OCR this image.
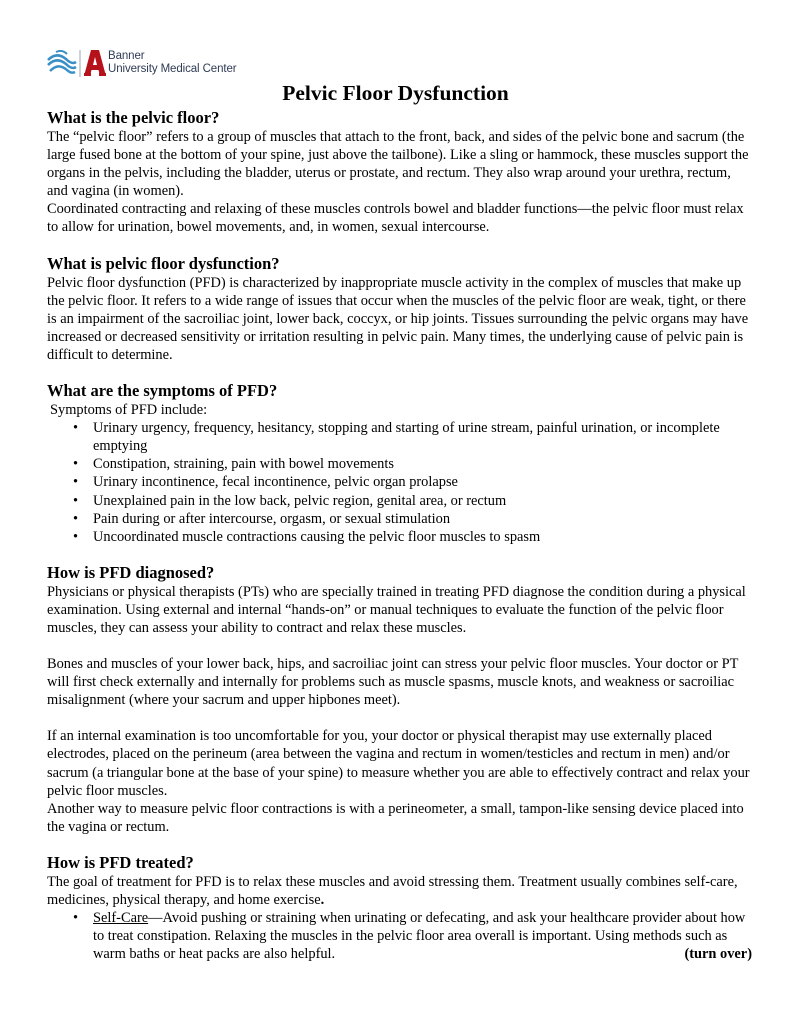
Banner
University Medical Center
Pelvic Floor Dysfunction
What is the pelvic floor?

The “pelvic floor” refers to a group of muscles that attach to the front, back, and sides of the pelvic bone and sacrum (the large fused bone at the bottom of your spine, just above the tailbone). Like a sling or hammock, these muscles support the organs in the pelvis, including the bladder, uterus or prostate, and rectum. They also wrap around your urethra, rectum, and vagina (in women).

Coordinated contracting and relaxing of these muscles controls bowel and bladder functions—the pelvic floor must relax to allow for urination, bowel movements, and, in women, sexual intercourse.

What is pelvic floor dysfunction?

Pelvic floor dysfunction (PFD) is characterized by inappropriate muscle activity in the complex of muscles that make up the pelvic floor. It refers to a wide range of issues that occur when the muscles of the pelvic floor are weak, tight, or there is an impairment of the sacroiliac joint, lower back, coccyx, or hip joints. Tissues surrounding the pelvic organs may have increased or decreased sensitivity or irritation resulting in pelvic pain. Many times, the underlying cause of pelvic pain is difficult to determine.

What are the symptoms of PFD?

Symptoms of PFD include:

• Urinary urgency, frequency, hesitancy, stopping and starting of urine stream, painful urination, or incomplete emptying
• Constipation, straining, pain with bowel movements
• Urinary incontinence, fecal incontinence, pelvic organ prolapse
• Unexplained pain in the low back, pelvic region, genital area, or rectum
• Pain during or after intercourse, orgasm, or sexual stimulation
• Uncoordinated muscle contractions causing the pelvic floor muscles to spasm
How is PFD diagnosed?

Physicians or physical therapists (PTs) who are specially trained in treating PFD diagnose the condition during a physical examination. Using external and internal “hands-on” or manual techniques to evaluate the function of the pelvic floor muscles, they can assess your ability to contract and relax these muscles.

Bones and muscles of your lower back, hips, and sacroiliac joint can stress your pelvic floor muscles. Your doctor or PT will first check externally and internally for problems such as muscle spasms, muscle knots, and weakness or sacroiliac misalignment (where your sacrum and upper hipbones meet).

If an internal examination is too uncomfortable for you, your doctor or physical therapist may use externally placed electrodes, placed on the perineum (area between the vagina and rectum in women/testicles and rectum in men) and/or sacrum (a triangular bone at the base of your spine) to measure whether you are able to effectively contract and relax your pelvic floor muscles.

Another way to measure pelvic floor contractions is with a perineometer, a small, tampon-like sensing device placed into the vagina or rectum.

How is PFD treated?

The goal of treatment for PFD is to relax these muscles and avoid stressing them. Treatment usually combines self-care, medicines, physical therapy, and home exercise.

• Self-Care—Avoid pushing or straining when urinating or defecating, and ask your healthcare provider about how to treat constipation. Relaxing the muscles in the pelvic floor area overall is important. Using methods such as warm baths or heat packs are also helpful.	(turn over)
